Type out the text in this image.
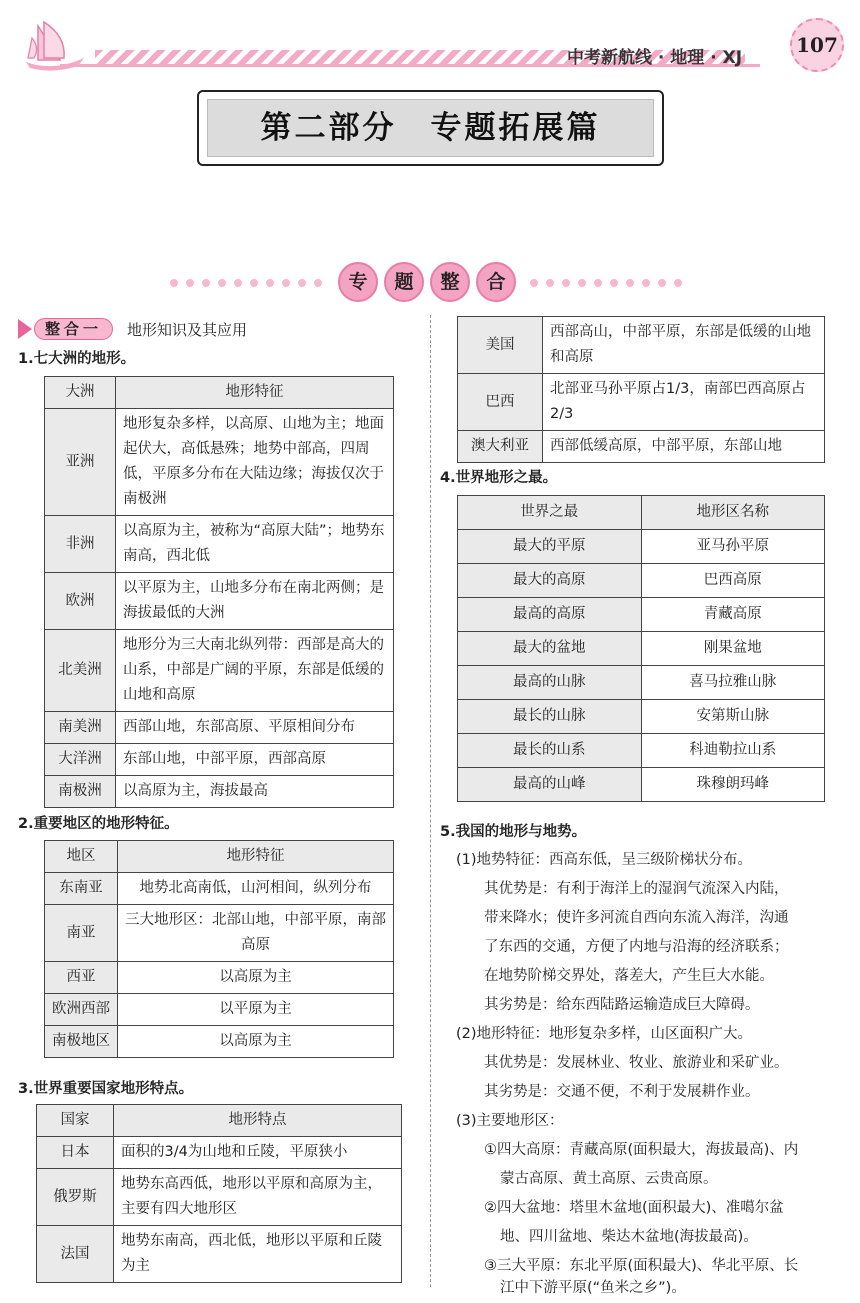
中考新航线 · 地理 · XJ
107
第二部分　专题拓展篇
专	题	整	合
整合一	地形知识及其应用
1.七大洲的地形。
大洲	地形特征
亚洲	地形复杂多样，以高原、山地为主；地面起伏大，高低悬殊；地势中部高，四周低，平原多分布在大陆边缘；海拔仅次于南极洲
非洲	以高原为主，被称为“高原大陆”；地势东南高，西北低
欧洲	以平原为主，山地多分布在南北两侧；是海拔最低的大洲
北美洲	地形分为三大南北纵列带：西部是高大的山系，中部是广阔的平原，东部是低缓的山地和高原
南美洲	西部山地，东部高原、平原相间分布
大洋洲	东部山地，中部平原，西部高原
南极洲	以高原为主，海拔最高
2.重要地区的地形特征。
地区	地形特征
东南亚	地势北高南低，山河相间，纵列分布
南亚	三大地形区：北部山地，中部平原，南部高原
西亚	以高原为主
欧洲西部	以平原为主
南极地区	以高原为主
3.世界重要国家地形特点。
国家	地形特点
日本	面积的3/4为山地和丘陵，平原狭小
俄罗斯	地势东高西低，地形以平原和高原为主，主要有四大地形区
法国	地势东南高，西北低，地形以平原和丘陵为主
美国	西部高山，中部平原，东部是低缓的山地和高原
巴西	北部亚马孙平原占1/3，南部巴西高原占2/3
澳大利亚	西部低缓高原，中部平原，东部山地
4.世界地形之最。
世界之最	地形区名称
最大的平原	亚马孙平原
最大的高原	巴西高原
最高的高原	青藏高原
最大的盆地	刚果盆地
最高的山脉	喜马拉雅山脉
最长的山脉	安第斯山脉
最长的山系	科迪勒拉山系
最高的山峰	珠穆朗玛峰
5.我国的地形与地势。
(1)地势特征：西高东低，呈三级阶梯状分布。
其优势是：有利于海洋上的湿润气流深入内陆，
带来降水；使许多河流自西向东流入海洋，沟通
了东西的交通，方便了内地与沿海的经济联系；
在地势阶梯交界处，落差大，产生巨大水能。
其劣势是：给东西陆路运输造成巨大障碍。
(2)地形特征：地形复杂多样，山区面积广大。
其优势是：发展林业、牧业、旅游业和采矿业。
其劣势是：交通不便，不利于发展耕作业。
(3)主要地形区：
①四大高原：青藏高原(面积最大，海拔最高)、内
蒙古高原、黄土高原、云贵高原。
②四大盆地：塔里木盆地(面积最大)、准噶尔盆
地、四川盆地、柴达木盆地(海拔最高)。
③三大平原：东北平原(面积最大)、华北平原、长
江中下游平原(“鱼米之乡”)。
